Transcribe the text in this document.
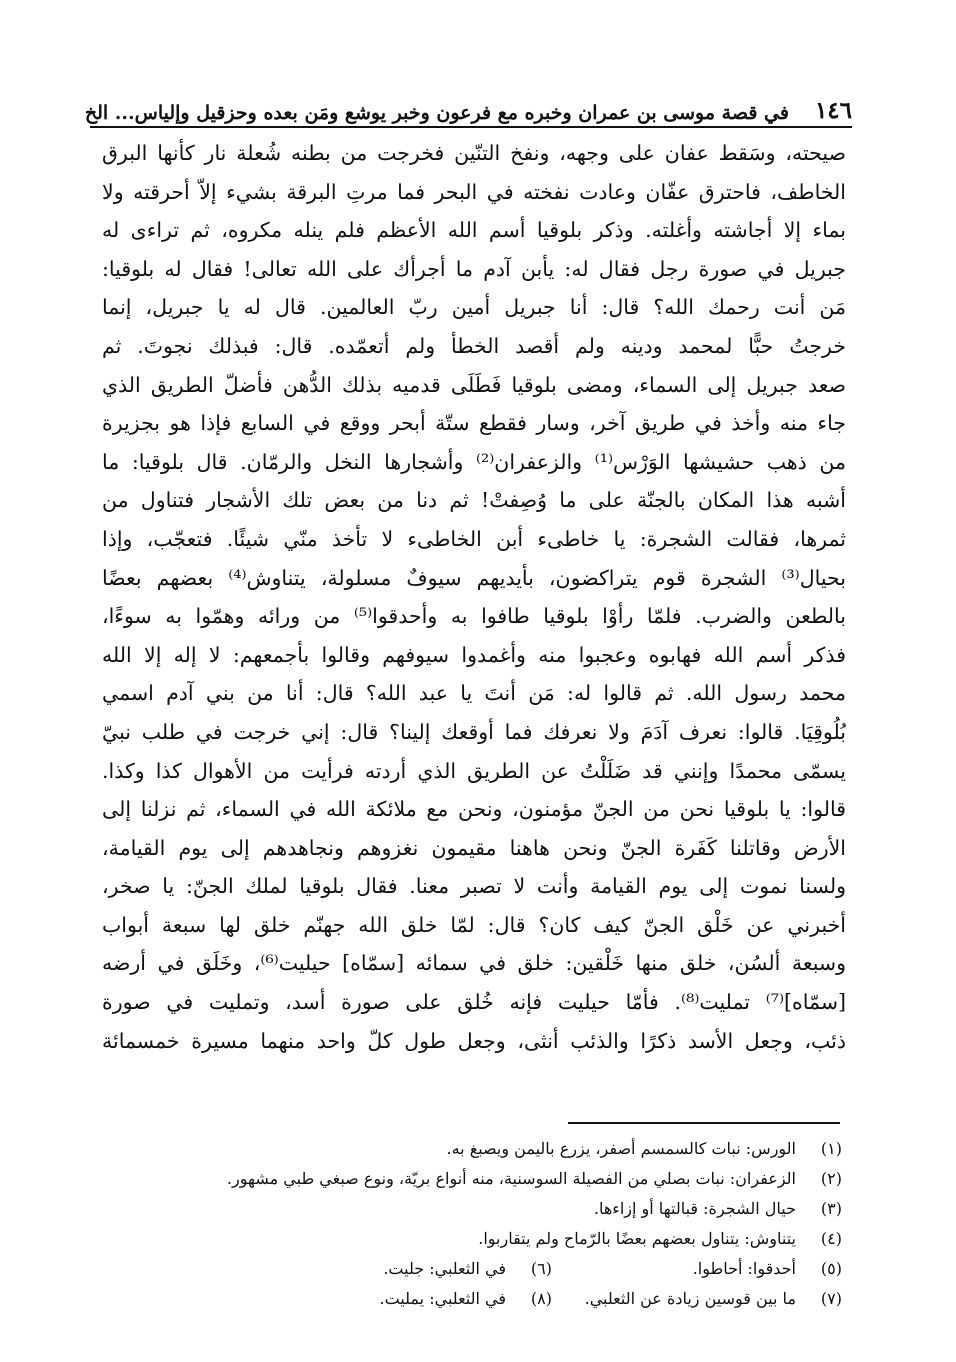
١٤٦
في قصة موسى بن عمران وخبره مع فرعون وخبر يوشع ومَن بعده وحزقيل وإلياس... الخ
صيحته، وسَقط عفان على وجهه، ونفخ التنّين فخرجت من بطنه شُعلة نار كأنها البرق
الخاطف، فاحترق عفّان وعادت نفخته في البحر فما مرتِ البرقة بشيء إلاّ أحرقته ولا
بماء إلا أجاشته وأغلته. وذكر بلوقيا أسم الله الأعظم فلم ينله مكروه، ثم تراءى له
جبريل في صورة رجل فقال له: يأبن آدم ما أجرأك على الله تعالى! فقال له بلوقيا:
مَن أنت رحمك الله؟ قال: أنا جبريل أمين ربّ العالمين. قال له يا جبريل، إنما
خرجتُ حبًّا لمحمد ودينه ولم أقصد الخطأ ولم أتعمّده. قال: فبذلك نجوتَ. ثم
صعد جبريل إلى السماء، ومضى بلوقيا فَطَلَى قدميه بذلك الدُّهن فأضلّ الطريق الذي
جاء منه وأخذ في طريق آخر، وسار فقطع ستّة أبحر ووقع في السابع فإذا هو بجزيرة
من ذهب حشيشها الوَرْس⁽¹⁾ والزعفران⁽²⁾ وأشجارها النخل والرمّان. قال بلوقيا: ما
أشبه هذا المكان بالجنّة على ما وُصِفتْ! ثم دنا من بعض تلك الأشجار فتناول من
ثمرها، فقالت الشجرة: يا خاطىء أبن الخاطىء لا تأخذ منّي شيئًا. فتعجّب، وإذا
بحيال⁽³⁾ الشجرة قوم يتراكضون، بأيديهم سيوفٌ مسلولة، يتناوش⁽⁴⁾ بعضهم بعضًا
بالطعن والضرب. فلمّا رأوْا بلوقيا طافوا به وأحدقوا⁽⁵⁾ من ورائه وهمّوا به سوءًا،
فذكر أسم الله فهابوه وعجبوا منه وأغمدوا سيوفهم وقالوا بأجمعهم: لا إله إلا الله
محمد رسول الله. ثم قالوا له: مَن أنتَ يا عبد الله؟ قال: أنا من بني آدم اسمي
بُلُوقِيَا. قالوا: نعرف آدَمَ ولا نعرفك فما أوقعك إلينا؟ قال: إني خرجت في طلب نبيّ
يسمّى محمدًا وإنني قد ضَلَلْتُ عن الطريق الذي أردته فرأيت من الأهوال كذا وكذا.
قالوا: يا بلوقيا نحن من الجنّ مؤمنون، ونحن مع ملائكة الله في السماء، ثم نزلنا إلى
الأرض وقاتلنا كَفَرة الجنّ ونحن هاهنا مقيمون نغزوهم ونجاهدهم إلى يوم القيامة،
ولسنا نموت إلى يوم القيامة وأنت لا تصبر معنا. فقال بلوقيا لملك الجنّ: يا صخر،
أخبرني عن خَلْق الجنّ كيف كان؟ قال: لمّا خلق الله جهنّم خلق لها سبعة أبواب
وسبعة ألسُن، خلق منها خَلْقين: خلق في سمائه [سمّاه] حيليت⁽⁶⁾، وخَلَق في أرضه
[سمّاه]⁽⁷⁾ تمليت⁽⁸⁾. فأمّا حيليت فإنه خُلق على صورة أسد، وتمليت في صورة
ذئب، وجعل الأسد ذكرًا والذئب أنثى، وجعل طول كلّ واحد منهما مسيرة خمسمائة
(١)
الورس: نبات كالسمسم أصفر، يزرع باليمن ويصبغ به.
(٢)
الزعفران: نبات بصلي من الفصيلة السوسنية، منه أنواع بريّة، ونوع صبغي طبي مشهور.
(٣)
حيال الشجرة: قبالتها أو إزاءها.
(٤)
يتناوش: يتناول بعضهم بعضًا بالرّماح ولم يتقاربوا.
(٥)
أحدقوا: أحاطوا.
(٦)
في الثعلبي: جليت.
(٧)
ما بين قوسين زيادة عن الثعلبي.
(٨)
في الثعلبي: يمليت.
